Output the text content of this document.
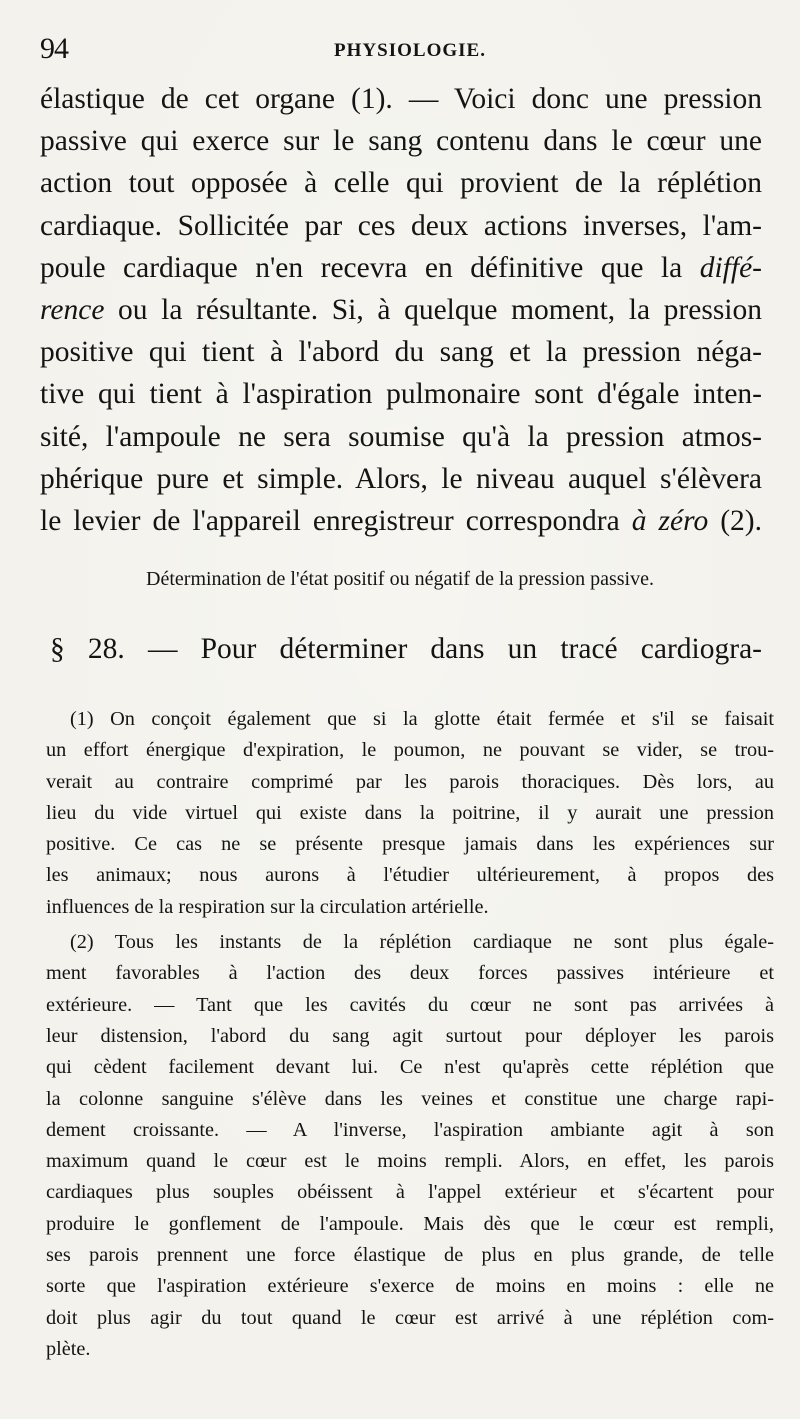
94	PHYSIOLOGIE.
élastique de cet organe (1). — Voici donc une pression
passive qui exerce sur le sang contenu dans le cœur une
action tout opposée à celle qui provient de la réplétion
cardiaque. Sollicitée par ces deux actions inverses, l'am-
poule cardiaque n'en recevra en définitive que la diffé-
rence ou la résultante. Si, à quelque moment, la pression
positive qui tient à l'abord du sang et la pression néga-
tive qui tient à l'aspiration pulmonaire sont d'égale inten-
sité, l'ampoule ne sera soumise qu'à la pression atmos-
phérique pure et simple. Alors, le niveau auquel s'élèvera
le levier de l'appareil enregistreur correspondra à zéro (2).
Détermination de l'état positif ou négatif de la pression passive.
§ 28. — Pour déterminer dans un tracé cardiogra-
(1) On conçoit également que si la glotte était fermée et s'il se faisait
un effort énergique d'expiration, le poumon, ne pouvant se vider, se trou-
verait au contraire comprimé par les parois thoraciques. Dès lors, au
lieu du vide virtuel qui existe dans la poitrine, il y aurait une pression
positive. Ce cas ne se présente presque jamais dans les expériences sur
les animaux; nous aurons à l'étudier ultérieurement, à propos des
influences de la respiration sur la circulation artérielle.
(2) Tous les instants de la réplétion cardiaque ne sont plus égale-
ment favorables à l'action des deux forces passives intérieure et
extérieure. — Tant que les cavités du cœur ne sont pas arrivées à
leur distension, l'abord du sang agit surtout pour déployer les parois
qui cèdent facilement devant lui. Ce n'est qu'après cette réplétion que
la colonne sanguine s'élève dans les veines et constitue une charge rapi-
dement croissante. — A l'inverse, l'aspiration ambiante agit à son
maximum quand le cœur est le moins rempli. Alors, en effet, les parois
cardiaques plus souples obéissent à l'appel extérieur et s'écartent pour
produire le gonflement de l'ampoule. Mais dès que le cœur est rempli,
ses parois prennent une force élastique de plus en plus grande, de telle
sorte que l'aspiration extérieure s'exerce de moins en moins : elle ne
doit plus agir du tout quand le cœur est arrivé à une réplétion com-
plète.
